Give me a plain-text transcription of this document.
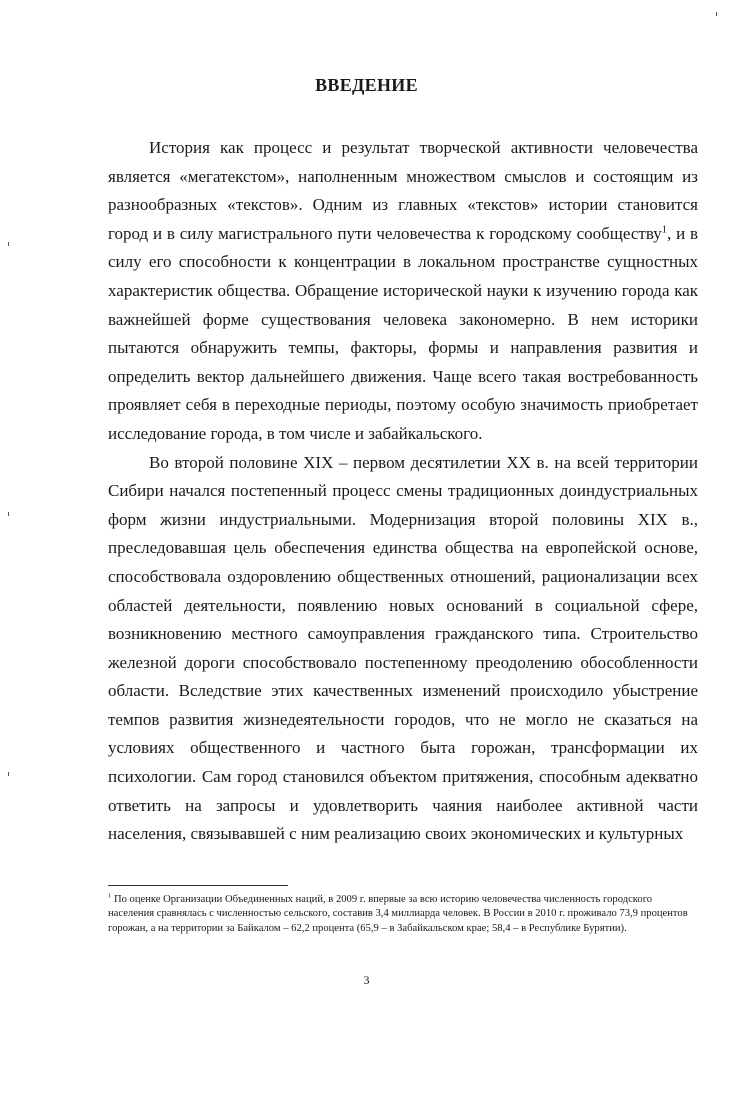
ВВЕДЕНИЕ

История как процесс и результат творческой активности человечества является «мегатекстом», наполненным множеством смыслов и состоящим из разнообразных «текстов». Одним из главных «текстов» истории становится город и в силу магистрального пути человечества к городскому сообществу$^1$, и в силу его способности к концентрации в локальном пространстве сущностных характеристик общества. Обращение исторической науки к изучению города как важнейшей форме существования человека закономерно. В нем историки пытаются обнаружить темпы, факторы, формы и направления развития и определить вектор дальнейшего движения. Чаще всего такая востребованность проявляет себя в переходные периоды, поэтому особую значимость приобретает исследование города, в том числе и забайкальского.

Во второй половине XIX – первом десятилетии XX в. на всей территории Сибири начался постепенный процесс смены традиционных доиндустриальных форм жизни индустриальными. Модернизация второй половины XIX в., преследовавшая цель обеспечения единства общества на европейской основе, способствовала оздоровлению общественных отношений, рационализации всех областей деятельности, появлению новых оснований в социальной сфере, возникновению местного самоуправления гражданского типа. Строительство железной дороги способствовало постепенному преодолению обособленности области. Вследствие этих качественных изменений происходило убыстрение темпов развития жизнедеятельности городов, что не могло не сказаться на условиях общественного и частного быта горожан, трансформации их психологии. Сам город становился объектом притяжения, способным адекватно ответить на запросы и удовлетворить чаяния наиболее активной части населения, связывавшей с ним реализацию своих экономических и культурных

$^1$ По оценке Организации Объединенных наций, в 2009 г. впервые за всю историю человечества численность городского населения сравнялась с численностью сельского, составив 3,4 миллиарда человек. В России в 2010 г. проживало 73,9 процентов горожан, а на территории за Байкалом – 62,2 процента (65,9 – в Забайкальском крае; 58,4 – в Республике Бурятии).
3
